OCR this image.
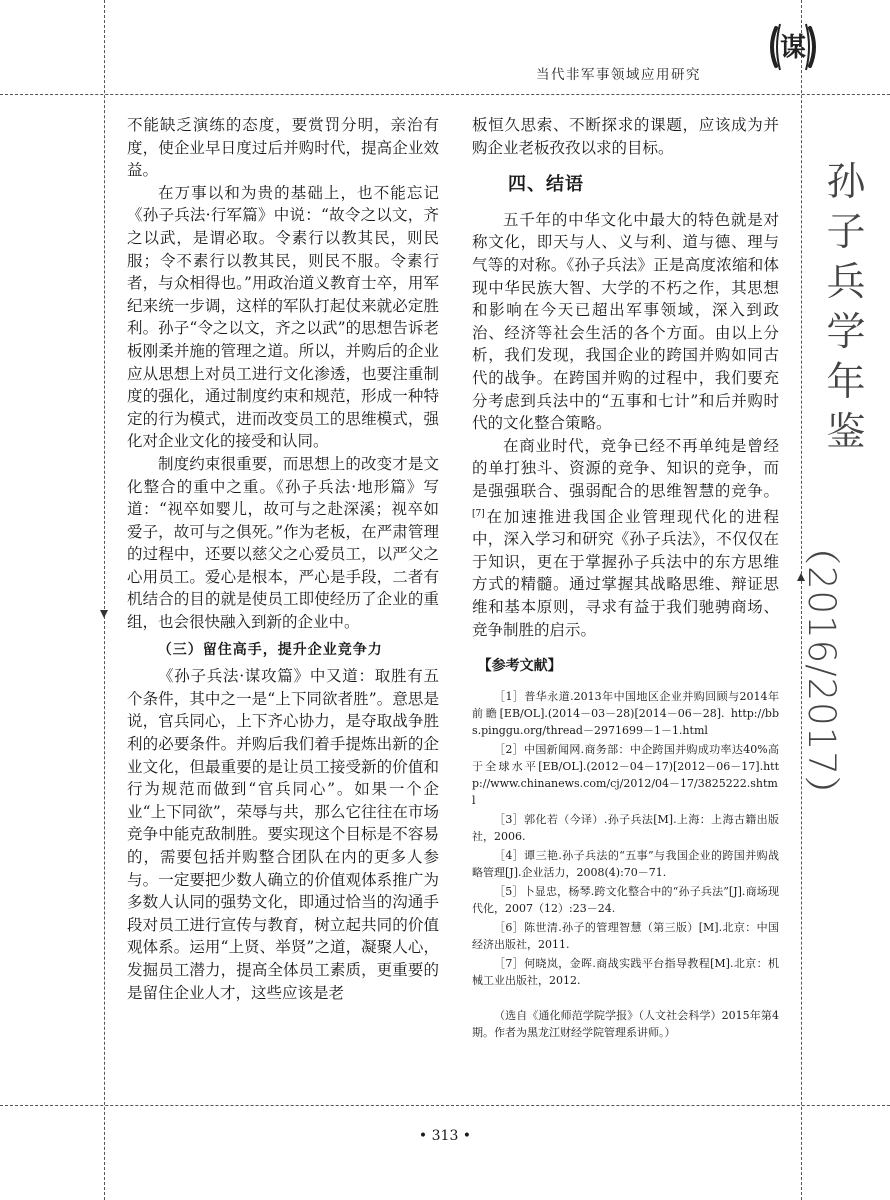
当代非军事领域应用研究
谋
孙
子
兵
学
年
鉴
（2016/2017）

不能缺乏演练的态度，要赏罚分明，亲治有度，使企业早日度过后并购时代，提高企业效益。

在万事以和为贵的基础上，也不能忘记《孙子兵法·行军篇》中说：“故令之以文，齐之以武，是谓必取。令素行以教其民，则民服；令不素行以教其民，则民不服。令素行者，与众相得也。”用政治道义教育士卒，用军纪来统一步调，这样的军队打起仗来就必定胜利。孙子“令之以文，齐之以武”的思想告诉老板刚柔并施的管理之道。所以，并购后的企业应从思想上对员工进行文化渗透，也要注重制度的强化，通过制度约束和规范，形成一种特定的行为模式，进而改变员工的思维模式，强化对企业文化的接受和认同。

制度约束很重要，而思想上的改变才是文化整合的重中之重。《孙子兵法·地形篇》写道：“视卒如婴儿，故可与之赴深溪；视卒如爱子，故可与之俱死。”作为老板，在严肃管理的过程中，还要以慈父之心爱员工，以严父之心用员工。爱心是根本，严心是手段，二者有机结合的目的就是使员工即使经历了企业的重组，也会很快融入到新的企业中。

（三）留住高手，提升企业竞争力

《孙子兵法·谋攻篇》中又道：取胜有五个条件，其中之一是“上下同欲者胜”。意思是说，官兵同心，上下齐心协力，是夺取战争胜利的必要条件。并购后我们着手提炼出新的企业文化，但最重要的是让员工接受新的价值和行为规范而做到“官兵同心”。如果一个企业“上下同欲”，荣辱与共，那么它往往在市场竞争中能克敌制胜。要实现这个目标是不容易的，需要包括并购整合团队在内的更多人参与。一定要把少数人确立的价值观体系推广为多数人认同的强势文化，即通过恰当的沟通手段对员工进行宣传与教育，树立起共同的价值观体系。运用“上贤、举贤”之道，凝聚人心，发掘员工潜力，提高全体员工素质，更重要的是留住企业人才，这些应该是老

板恒久思索、不断探求的课题，应该成为并购企业老板孜孜以求的目标。

四、结语

五千年的中华文化中最大的特色就是对称文化，即天与人、义与利、道与德、理与气等的对称。《孙子兵法》正是高度浓缩和体现中华民族大智、大学的不朽之作，其思想和影响在今天已超出军事领域，深入到政治、经济等社会生活的各个方面。由以上分析，我们发现，我国企业的跨国并购如同古代的战争。在跨国并购的过程中，我们要充分考虑到兵法中的“五事和七计”和后并购时代的文化整合策略。

在商业时代，竞争已经不再单纯是曾经的单打独斗、资源的竞争、知识的竞争，而是强强联合、强弱配合的思维智慧的竞争。[7]在加速推进我国企业管理现代化的进程中，深入学习和研究《孙子兵法》，不仅仅在于知识，更在于掌握孙子兵法中的东方思维方式的精髓。通过掌握其战略思维、辩证思维和基本原则，寻求有益于我们驰骋商场、竞争制胜的启示。

【参考文献】

［1］普华永道.2013年中国地区企业并购回顾与2014年前瞻[EB/OL].(2014－03－28)[2014－06－28]. http://bbs.pinggu.org/thread－2971699－1－1.html

［2］中国新闻网.商务部：中企跨国并购成功率达40%高于全球水平[EB/OL].(2012－04－17)[2012－06－17].http://www.chinanews.com/cj/2012/04－17/3825222.shtml

［3］郭化若（今译）.孙子兵法[M].上海：上海古籍出版社，2006.

［4］谭三艳.孙子兵法的“五事”与我国企业的跨国并购战略管理[J].企业活力，2008(4):70－71.

［5］卜显忠，杨琴.跨文化整合中的“孙子兵法”[J].商场现代化，2007（12）:23－24.

［6］陈世清.孙子的管理智慧（第三版）[M].北京：中国经济出版社，2011.

［7］何晓岚，金晖.商战实践平台指导教程[M].北京：机械工业出版社，2012.

（选自《通化师范学院学报》（人文社会科学）2015年第4期。作者为黑龙江财经学院管理系讲师。）

• 313 •
